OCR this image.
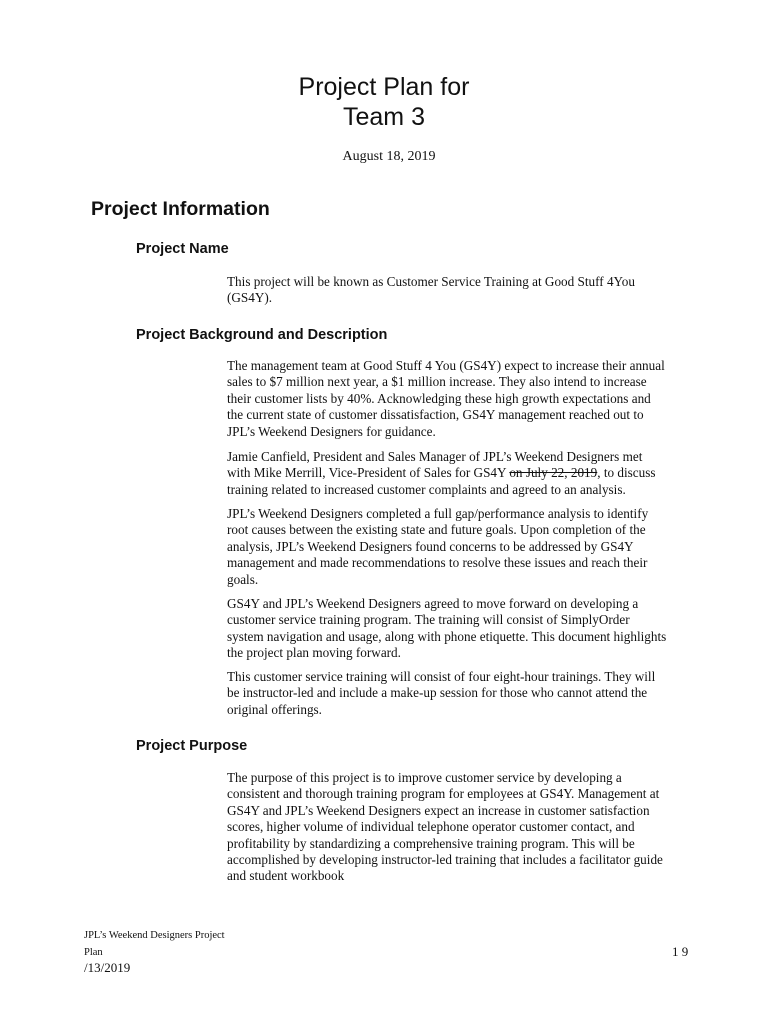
Project Plan for
Team 3
August 18, 2019
Project Information
Project Name

This project will be known as Customer Service Training at Good Stuff 4You
(GS4Y).

Project Background and Description

The management team at Good Stuff 4 You (GS4Y) expect to increase their annual
sales to $7 million next year, a $1 million increase. They also intend to increase
their customer lists by 40%. Acknowledging these high growth expectations and
the current state of customer dissatisfaction, GS4Y management reached out to
JPL’s Weekend Designers for guidance.

Jamie Canfield, President and Sales Manager of JPL’s Weekend Designers met
with Mike Merrill, Vice-President of Sales for GS4Y on July 22, 2019, to discuss
training related to increased customer complaints and agreed to an analysis.

JPL’s Weekend Designers completed a full gap/performance analysis to identify
root causes between the existing state and future goals. Upon completion of the
analysis, JPL’s Weekend Designers found concerns to be addressed by GS4Y
management and made recommendations to resolve these issues and reach their
goals.

GS4Y and JPL’s Weekend Designers agreed to move forward on developing a
customer service training program. The training will consist of SimplyOrder
system navigation and usage, along with phone etiquette. This document highlights
the project plan moving forward.

This customer service training will consist of four eight-hour trainings. They will
be instructor-led and include a make-up session for those who cannot attend the
original offerings.

Project Purpose

The purpose of this project is to improve customer service by developing a
consistent and thorough training program for employees at GS4Y. Management at
GS4Y and JPL’s Weekend Designers expect an increase in customer satisfaction
scores, higher volume of individual telephone operator customer contact, and
profitability by standardizing a comprehensive training program. This will be
accomplished by developing instructor-led training that includes a facilitator guide
and student workbook

JPL’s Weekend Designers Project
Plan
/13/2019
1 9
